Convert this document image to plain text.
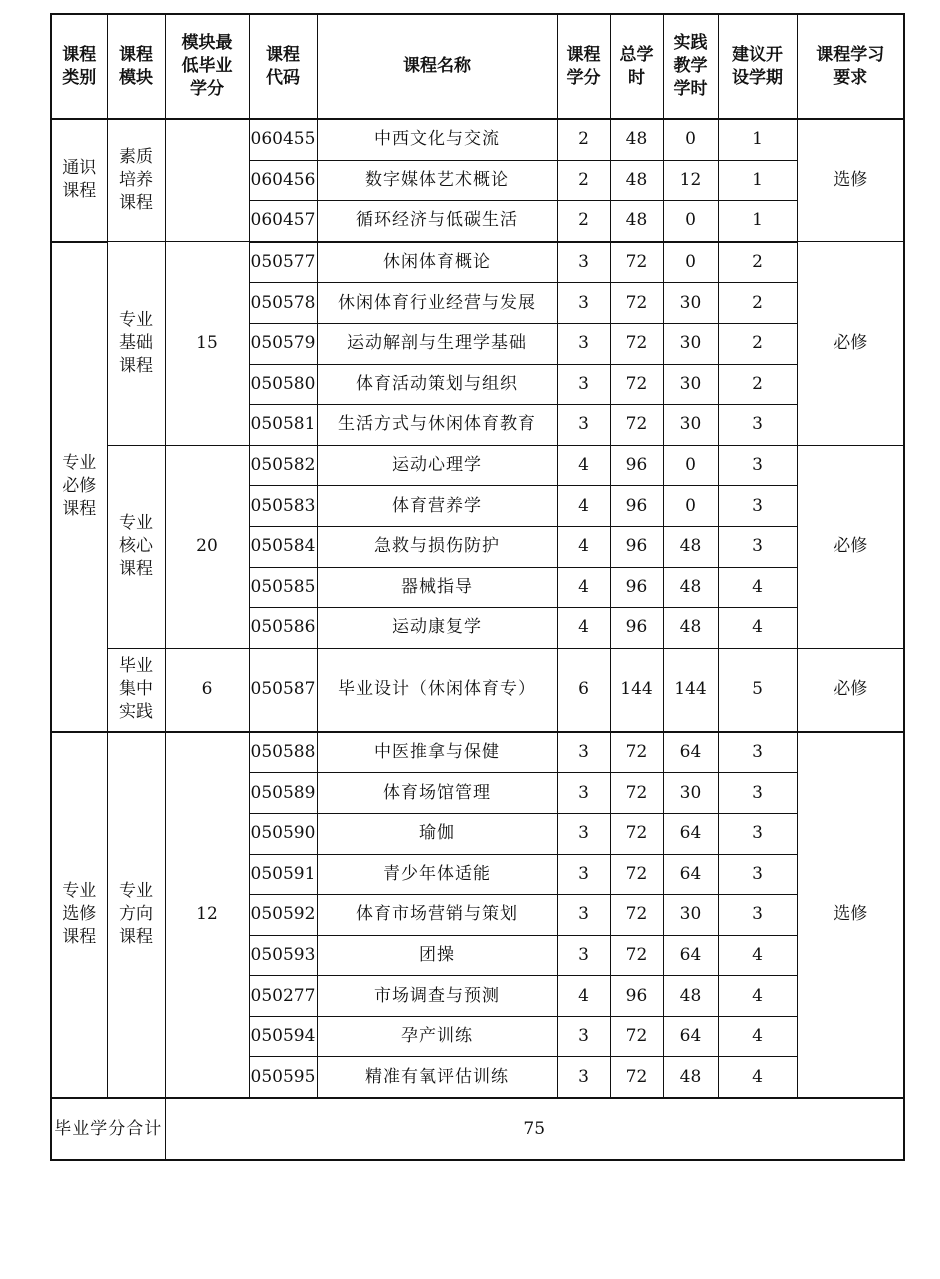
课程类别	课程模块	模块最低毕业学分	课程代码	课程名称	课程学分	总学时	实践教学学时	建议开设学期	课程学习要求
通识课程	素质培养课程		060455	中西文化与交流	2	48	0	1	选修
			060456	数字媒体艺术概论	2	48	12	1	
			060457	循环经济与低碳生活	2	48	0	1	
专业必修课程	专业基础课程	15	050577	休闲体育概论	3	72	0	2	必修
			050578	休闲体育行业经营与发展	3	72	30	2	
			050579	运动解剖与生理学基础	3	72	30	2	
			050580	体育活动策划与组织	3	72	30	2	
			050581	生活方式与休闲体育教育	3	72	30	3	
	专业核心课程	20	050582	运动心理学	4	96	0	3	必修
			050583	体育营养学	4	96	0	3	
			050584	急救与损伤防护	4	96	48	3	
			050585	器械指导	4	96	48	4	
			050586	运动康复学	4	96	48	4	
	毕业集中实践	6	050587	毕业设计（休闲体育专）	6	144	144	5	必修
专业选修课程	专业方向课程	12	050588	中医推拿与保健	3	72	64	3	选修
			050589	体育场馆管理	3	72	30	3	
			050590	瑜伽	3	72	64	3	
			050591	青少年体适能	3	72	64	3	
			050592	体育市场营销与策划	3	72	30	3	
			050593	团操	3	72	64	4	
			050277	市场调查与预测	4	96	48	4	
			050594	孕产训练	3	72	64	4	
			050595	精准有氧评估训练	3	72	48	4	
毕业学分合计		75							
